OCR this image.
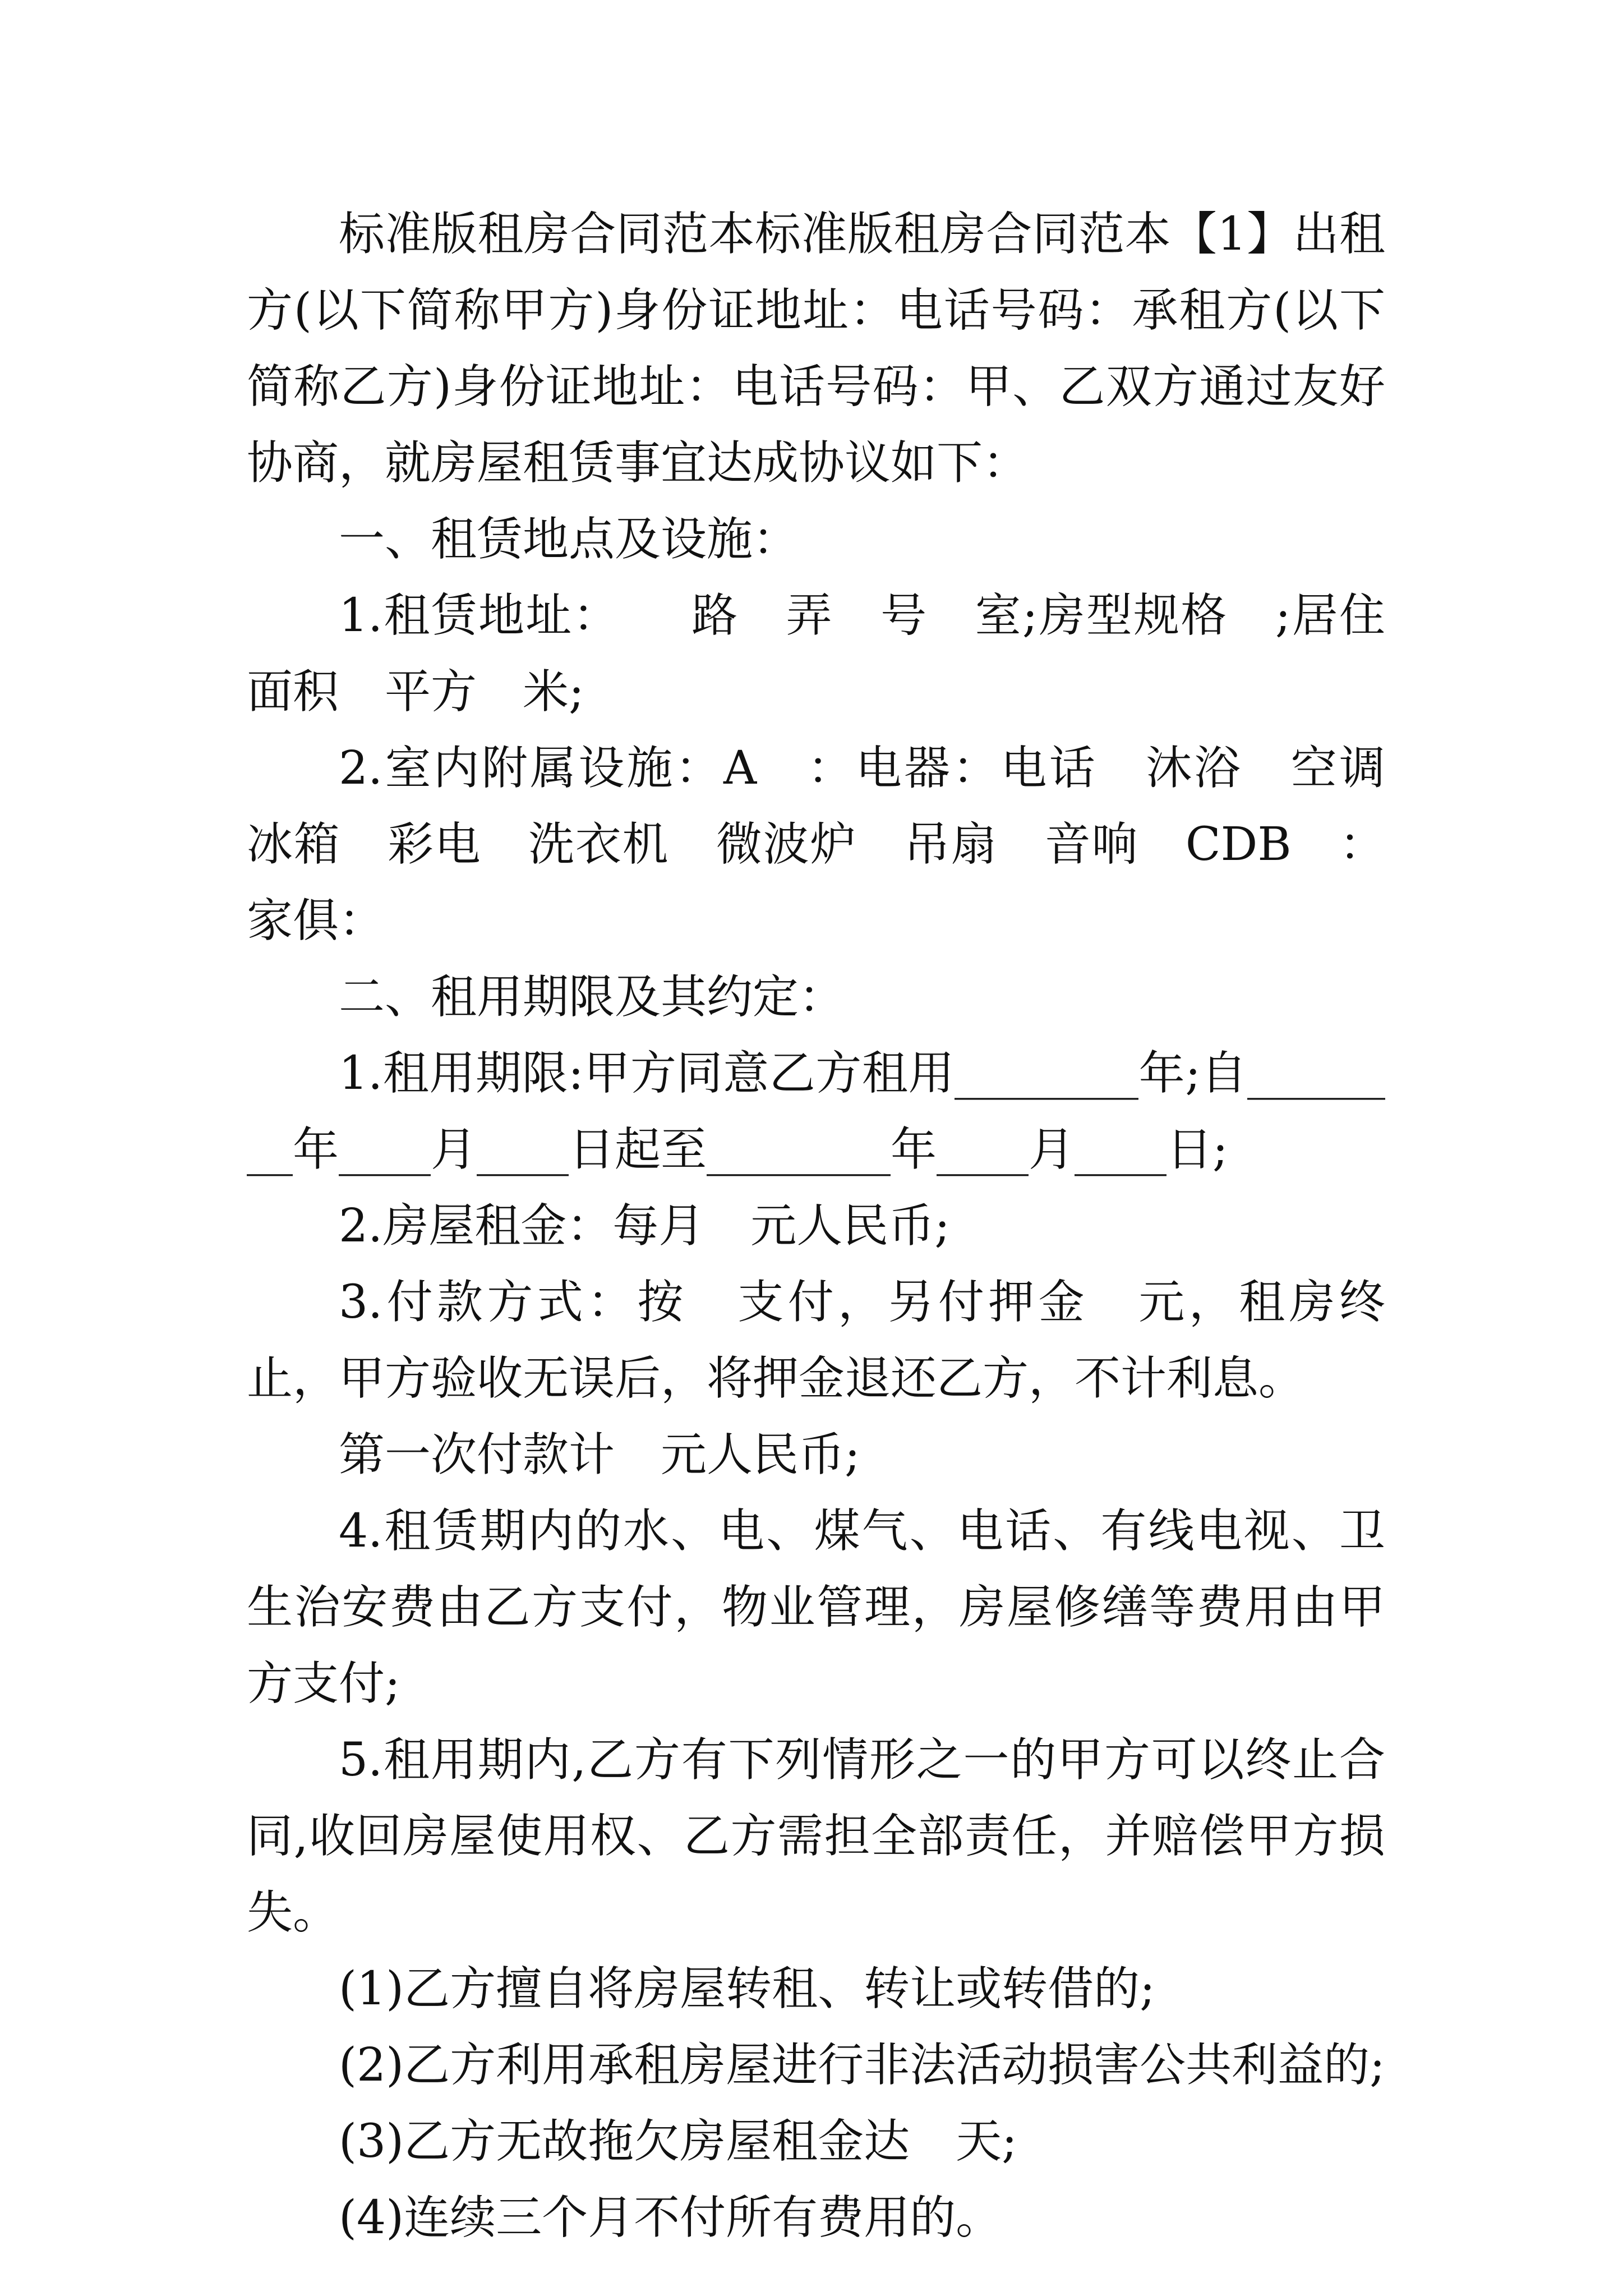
标准版租房合同范本标准版租房合同范本【1】出租方(以下简称甲方)身份证地址：电话号码：承租方(以下简称乙方)身份证地址：电话号码：甲、乙双方通过友好协商，就房屋租赁事宜达成协议如下：

一、租赁地点及设施：

1.租赁地址：　　路　弄　号　室;房型规格　;居住面积　平方　米;

2.室内附属设施：A　：电器：电话　沐浴　空调　冰箱　彩电　洗衣机　微波炉　吊扇　音响　CDB　：家俱：

二、租用期限及其约定：

1.租用期限:甲方同意乙方租用________年;自________年____月____日起至________年____月____日;

2.房屋租金：每月　元人民币;

3.付款方式：按　支付，另付押金　元，租房终止，甲方验收无误后，将押金退还乙方，不计利息。

第一次付款计　元人民币;

4.租赁期内的水、电、煤气、电话、有线电视、卫生治安费由乙方支付，物业管理，房屋修缮等费用由甲方支付;

5.租用期内,乙方有下列情形之一的甲方可以终止合同,收回房屋使用权、乙方需担全部责任，并赔偿甲方损失。

(1)乙方擅自将房屋转租、转让或转借的;

(2)乙方利用承租房屋进行非法活动损害公共利益的;

(3)乙方无故拖欠房屋租金达　天;

(4)连续三个月不付所有费用的。
